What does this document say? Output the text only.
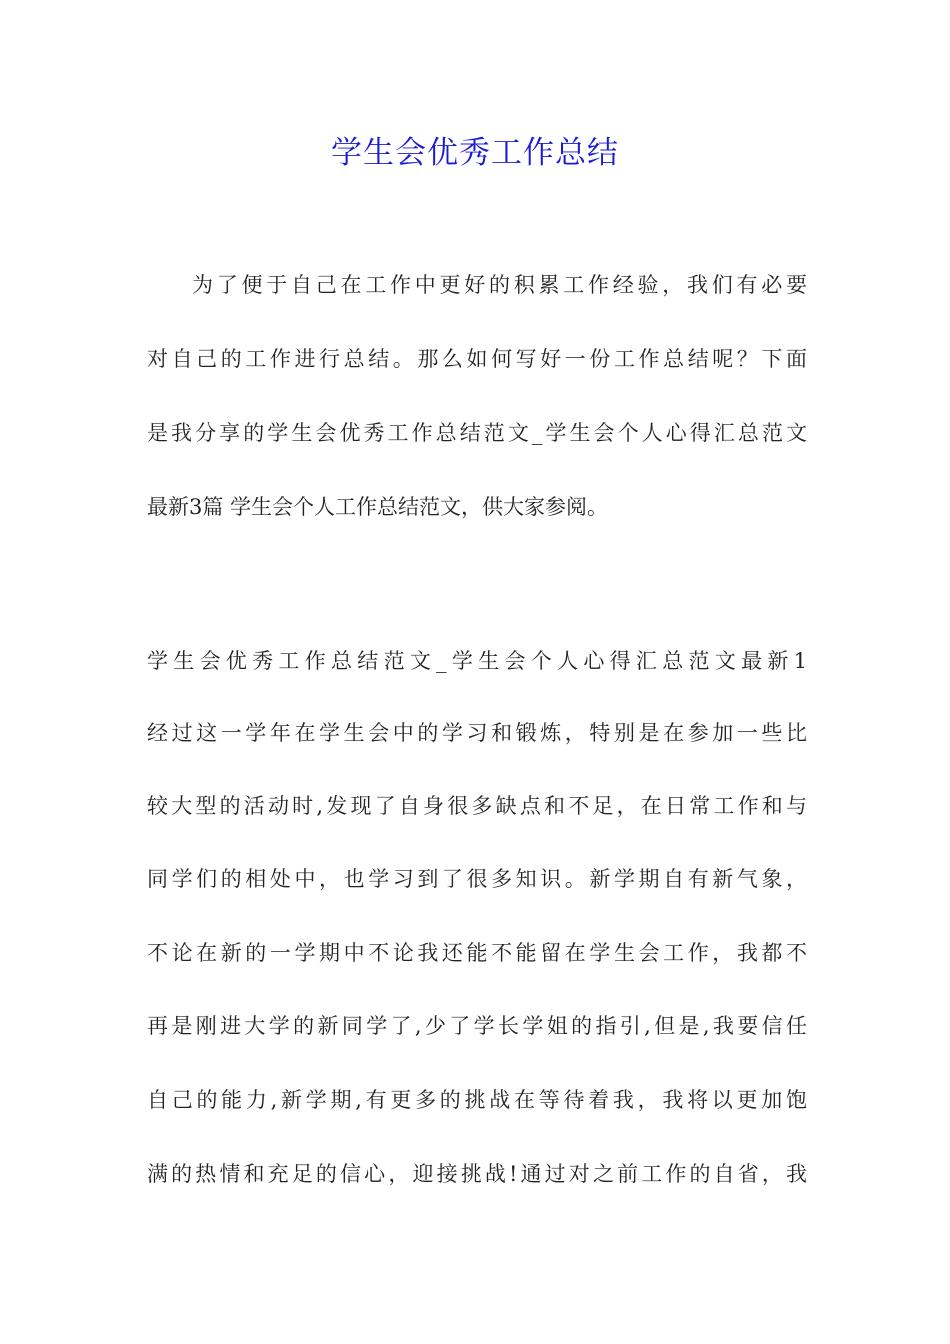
学生会优秀工作总结
为了便于自己在工作中更好的积累工作经验，我们有必要
对自己的工作进行总结。那么如何写好一份工作总结呢？下面
是我分享的学生会优秀工作总结范文_学生会个人心得汇总范文
最新3篇 学生会个人工作总结范文，供大家参阅。
学生会优秀工作总结范文_学生会个人心得汇总范文最新1
经过这一学年在学生会中的学习和锻炼，特别是在参加一些比
较大型的活动时,发现了自身很多缺点和不足，在日常工作和与
同学们的相处中，也学习到了很多知识。新学期自有新气象，
不论在新的一学期中不论我还能不能留在学生会工作，我都不
再是刚进大学的新同学了,少了学长学姐的指引,但是,我要信任
自己的能力,新学期,有更多的挑战在等待着我，我将以更加饱
满的热情和充足的信心，迎接挑战!通过对之前工作的自省，我
